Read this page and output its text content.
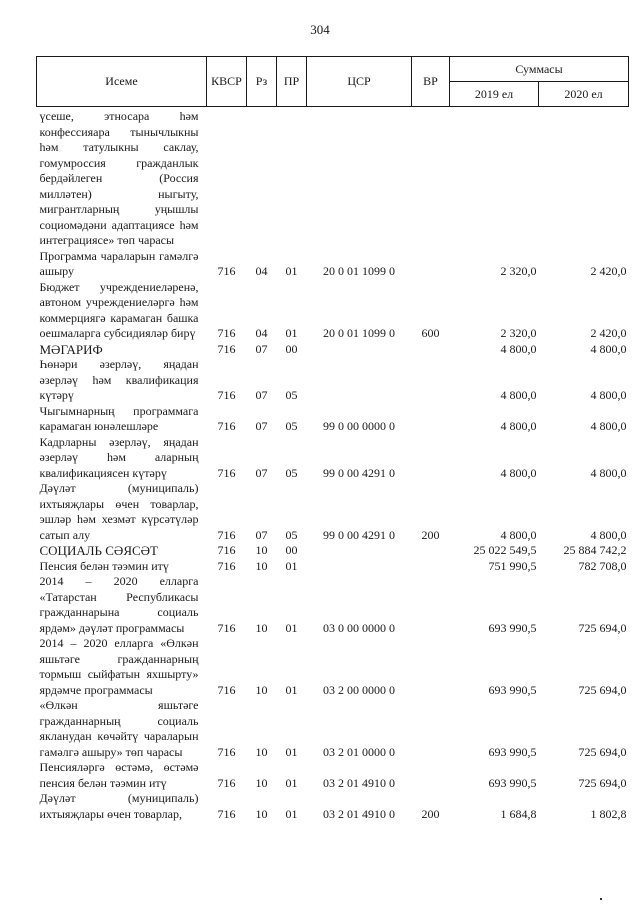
304
Исеме	КВСР	Рз	ПР	ЦСР	ВР	Суммасы	
						2019 ел	2020 ел
үсеше, этносара һәм конфессияара тынычлыкны һәм татулыкны саклау, гомумроссия гражданлык бердәйлеген (Россия милләтен) ныгыту, мигрантларның уңышлы социомәдәни адаптациясе һәм интеграциясе» төп чарасы							
Программа чараларын гамәлгә ашыру	716	04	01	20 0 01 1099 0		2 320,0	2 420,0
Бюджет учреждениеләренә, автоном учреждениеләргә һәм коммерциягә карамаган башка оешмаларга субсидияләр бирү	716	04	01	20 0 01 1099 0	600	2 320,0	2 420,0
МӘГАРИФ	716	07	00			4 800,0	4 800,0
Һөнәри әзерләү, яңадан әзерләү һәм квалификация күтәрү	716	07	05			4 800,0	4 800,0
Чыгымнарның программага карамаган юнәлешләре	716	07	05	99 0 00 0000 0		4 800,0	4 800,0
Кадрларны әзерләү, яңадан әзерләү һәм аларның квалификациясен күтәрү	716	07	05	99 0 00 4291 0		4 800,0	4 800,0
Дәүләт (муниципаль) ихтыяҗлары өчен товарлар, эшләр һәм хезмәт күрсәтүләр сатып алу	716	07	05	99 0 00 4291 0	200	4 800,0	4 800,0
СОЦИАЛЬ СӘЯСӘТ	716	10	00			25 022 549,5	25 884 742,2
Пенсия белән тәэмин итү	716	10	01			751 990,5	782 708,0
2014 – 2020 елларга «Татарстан Республикасы гражданнарына социаль ярдәм» дәүләт программасы	716	10	01	03 0 00 0000 0		693 990,5	725 694,0
2014 – 2020 елларга «Өлкән яшьтәге гражданнарның тормыш сыйфатын яхшырту» ярдәмче программасы	716	10	01	03 2 00 0000 0		693 990,5	725 694,0
«Өлкән яшьтәге гражданнарның социаль якланудан көчәйтү чараларын гамәлгә ашыру» төп чарасы	716	10	01	03 2 01 0000 0		693 990,5	725 694,0
Пенсияләргә өстәмә, өстәмә пенсия белән тәэмин итү	716	10	01	03 2 01 4910 0		693 990,5	725 694,0
Дәүләт (муниципаль) ихтыяҗлары өчен товарлар,	716	10	01	03 2 01 4910 0	200	1 684,8	1 802,8
